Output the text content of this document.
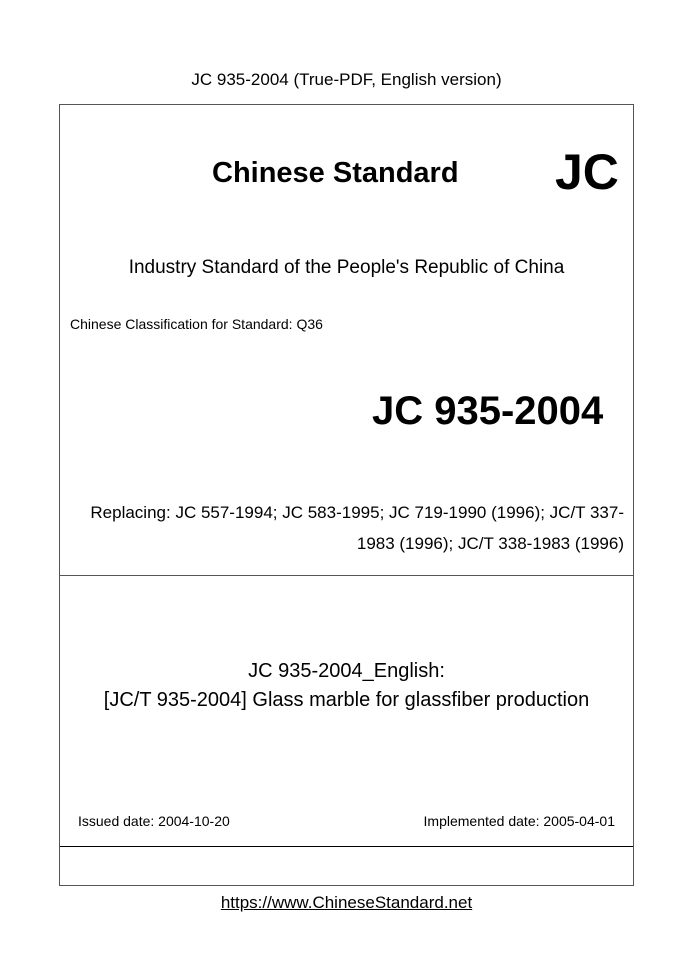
JC 935-2004 (True-PDF, English version)
Chinese Standard JC
Industry Standard of the People's Republic of China
Chinese Classification for Standard: Q36
JC 935-2004
Replacing: JC 557-1994; JC 583-1995; JC 719-1990 (1996); JC/T 337-
1983 (1996); JC/T 338-1983 (1996)
JC 935-2004_English:
[JC/T 935-2004] Glass marble for glassfiber production
Issued date: 2004-10-20	Implemented date: 2005-04-01
https://www.ChineseStandard.net
